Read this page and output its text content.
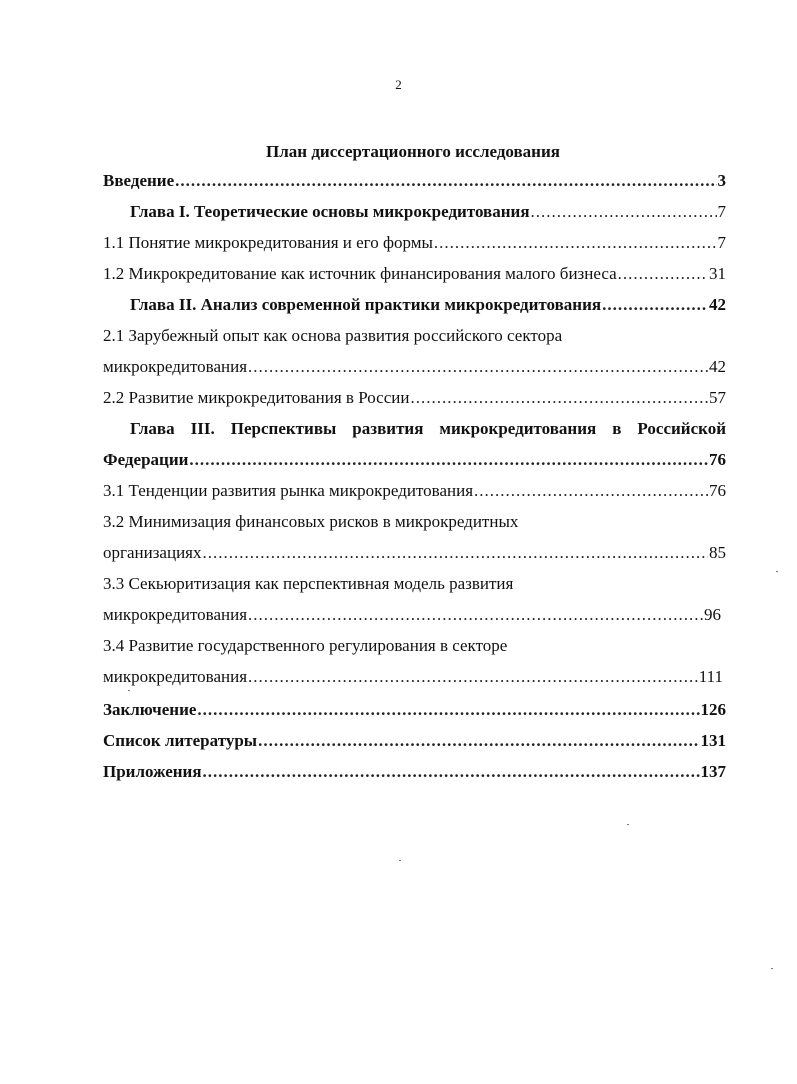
2
План диссертационного исследования
Введение .....	3
Глава I. Теоретические основы микрокредитования .....	7
1.1 Понятие микрокредитования и его формы .....	7
1.2 Микрокредитование как источник финансирования малого бизнеса .....	31
Глава II. Анализ современной практики микрокредитования .....	42
2.1 Зарубежный опыт как основа развития российского сектора
микрокредитования .....	42
2.2 Развитие микрокредитования в России .....	57
Глава III. Перспективы развития микрокредитования в Российской
Федерации .....	76
3.1 Тенденции развития рынка микрокредитования .....	76
3.2 Минимизация финансовых рисков в микрокредитных
организациях .....	85
3.3 Секьюритизация как перспективная модель развития
микрокредитования .....	96
3.4 Развитие государственного регулирования в секторе
микрокредитования .....	111
Заключение .....	126
Список литературы .....	131
Приложения .....	137
